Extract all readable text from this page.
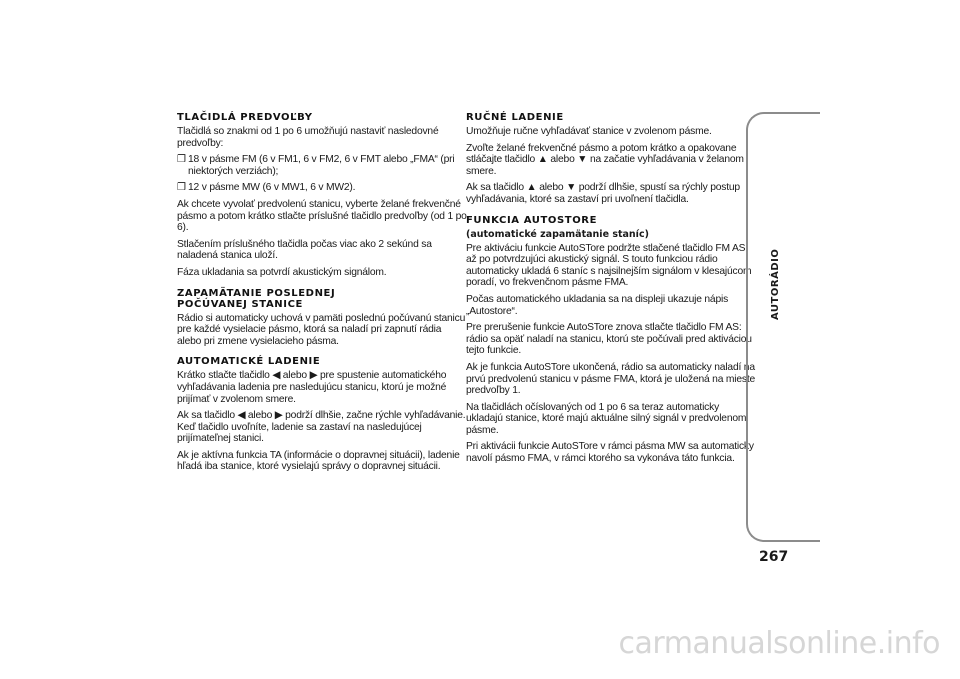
TLAČIDLÁ PREDVOĽBY

Tlačidlá so znakmi od 1 po 6 umožňujú nastaviť nasledovné predvoľby:

❒ 18 v pásme FM (6 v FM1, 6 v FM2, 6 v FMT alebo „FMA“ (pri niektorých verziách);

❒ 12 v pásme MW (6 v MW1, 6 v MW2).

Ak chcete vyvolať predvolenú stanicu, vyberte želané frekvenčné pásmo a potom krátko stlačte príslušné tlačidlo predvoľby (od 1 po 6).

Stlačením príslušného tlačidla počas viac ako 2 sekúnd sa naladená stanica uloží.

Fáza ukladania sa potvrdí akustickým signálom.

ZAPAMÄTANIE POSLEDNEJ
POČÚVANEJ STANICE

Rádio si automaticky uchová v pamäti poslednú počúvanú stanicu pre každé vysielacie pásmo, ktorá sa naladí pri zapnutí rádia alebo pri zmene vysielacieho pásma.

AUTOMATICKÉ LADENIE

Krátko stlačte tlačidlo ◀ alebo ▶ pre spustenie automatického vyhľadávania ladenia pre nasledujúcu stanicu, ktorú je možné prijímať v zvolenom smere.

Ak sa tlačidlo ◀ alebo ▶ podrží dlhšie, začne rýchle vyhľadávanie. Keď tlačidlo uvoľníte, ladenie sa zastaví na nasledujúcej prijímateľnej stanici.

Ak je aktívna funkcia TA (informácie o dopravnej situácii), ladenie hľadá iba stanice, ktoré vysielajú správy o dopravnej situácii.

RUČNÉ LADENIE

Umožňuje ručne vyhľadávať stanice v zvolenom pásme.

Zvoľte želané frekvenčné pásmo a potom krátko a opakovane stláčajte tlačidlo ▲ alebo ▼ na začatie vyhľadávania v želanom smere.

Ak sa tlačidlo ▲ alebo ▼ podrží dlhšie, spustí sa rýchly postup vyhľadávania, ktoré sa zastaví pri uvoľnení tlačidla.

FUNKCIA AUTOSTORE
(automatické zapamätanie staníc)

Pre aktiváciu funkcie AutoSTore podržte stlačené tlačidlo FM AS až po potvrdzujúci akustický signál. S touto funkciou rádio automaticky ukladá 6 staníc s najsilnejším signálom v klesajúcom poradí, vo frekvenčnom pásme FMA.

Počas automatického ukladania sa na displeji ukazuje nápis „Autostore“.

Pre prerušenie funkcie AutoSTore znova stlačte tlačidlo FM AS: rádio sa opäť naladí na stanicu, ktorú ste počúvali pred aktiváciou tejto funkcie.

Ak je funkcia AutoSTore ukončená, rádio sa automaticky naladí na prvú predvolenú stanicu v pásme FMA, ktorá je uložená na mieste predvoľby 1.

Na tlačidlách očíslovaných od 1 po 6 sa teraz automaticky ukladajú stanice, ktoré majú aktuálne silný signál v predvolenom pásme.

Pri aktivácii funkcie AutoSTore v rámci pásma MW sa automaticky navolí pásmo FMA, v rámci ktorého sa vykonáva táto funkcia.

AUTORÁDIO
267
carmanualsonline.info
